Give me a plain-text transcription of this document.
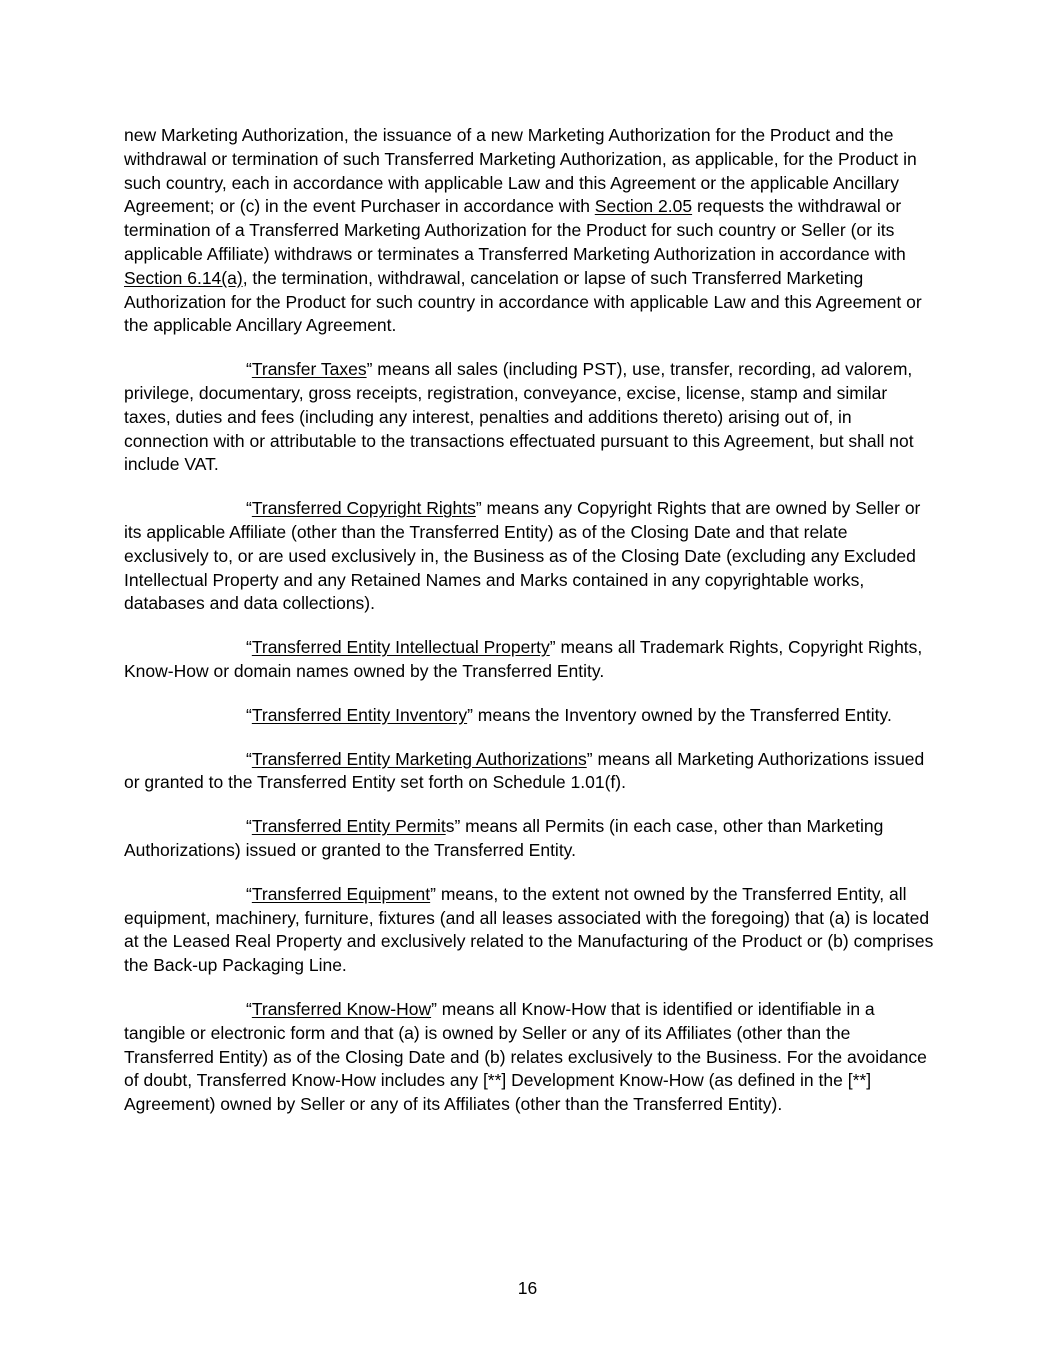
new Marketing Authorization, the issuance of a new Marketing Authorization for the Product and the withdrawal or termination of such Transferred Marketing Authorization, as applicable, for the Product in such country, each in accordance with applicable Law and this Agreement or the applicable Ancillary Agreement; or (c) in the event Purchaser in accordance with Section 2.05 requests the withdrawal or termination of a Transferred Marketing Authorization for the Product for such country or Seller (or its applicable Affiliate) withdraws or terminates a Transferred Marketing Authorization in accordance with Section 6.14(a), the termination, withdrawal, cancelation or lapse of such Transferred Marketing Authorization for the Product for such country in accordance with applicable Law and this Agreement or the applicable Ancillary Agreement.

“Transfer Taxes” means all sales (including PST), use, transfer, recording, ad valorem, privilege, documentary, gross receipts, registration, conveyance, excise, license, stamp and similar taxes, duties and fees (including any interest, penalties and additions thereto) arising out of, in connection with or attributable to the transactions effectuated pursuant to this Agreement, but shall not include VAT.

“Transferred Copyright Rights” means any Copyright Rights that are owned by Seller or its applicable Affiliate (other than the Transferred Entity) as of the Closing Date and that relate exclusively to, or are used exclusively in, the Business as of the Closing Date (excluding any Excluded Intellectual Property and any Retained Names and Marks contained in any copyrightable works, databases and data collections).

“Transferred Entity Intellectual Property” means all Trademark Rights, Copyright Rights, Know-How or domain names owned by the Transferred Entity.

“Transferred Entity Inventory” means the Inventory owned by the Transferred Entity.

“Transferred Entity Marketing Authorizations” means all Marketing Authorizations issued or granted to the Transferred Entity set forth on Schedule 1.01(f).

“Transferred Entity Permits” means all Permits (in each case, other than Marketing Authorizations) issued or granted to the Transferred Entity.

“Transferred Equipment” means, to the extent not owned by the Transferred Entity, all equipment, machinery, furniture, fixtures (and all leases associated with the foregoing) that (a) is located at the Leased Real Property and exclusively related to the Manufacturing of the Product or (b) comprises the Back-up Packaging Line.

“Transferred Know-How” means all Know-How that is identified or identifiable in a tangible or electronic form and that (a) is owned by Seller or any of its Affiliates (other than the Transferred Entity) as of the Closing Date and (b) relates exclusively to the Business. For the avoidance of doubt, Transferred Know-How includes any [**] Development Know-How (as defined in the [**] Agreement) owned by Seller or any of its Affiliates (other than the Transferred Entity).

16
